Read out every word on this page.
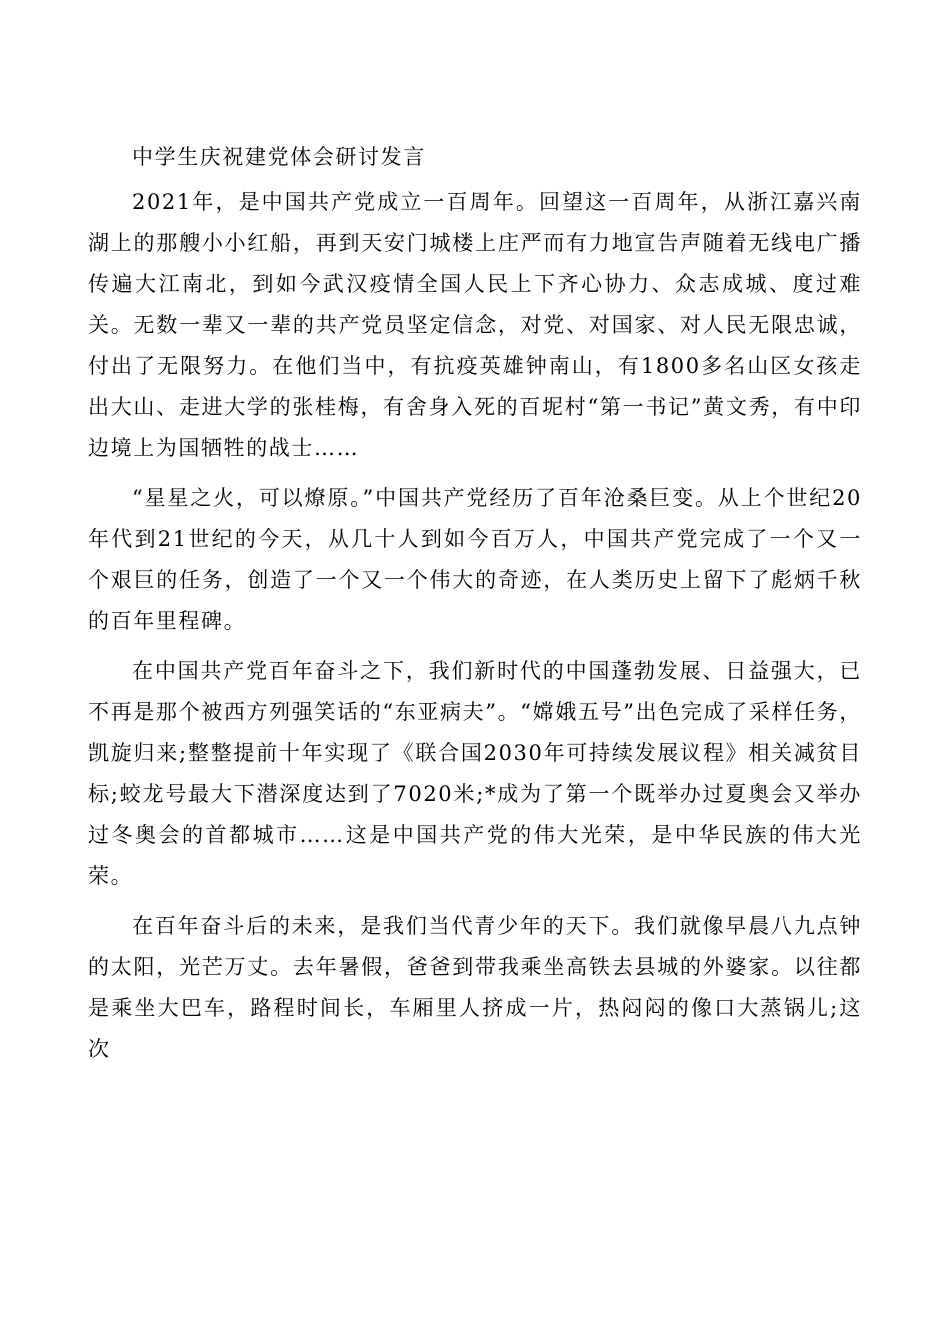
中学生庆祝建党体会研讨发言

2021年，是中国共产党成立一百周年。回望这一百周年，从浙江嘉兴南湖上的那艘小小红船，再到天安门城楼上庄严而有力地宣告声随着无线电广播传遍大江南北，到如今武汉疫情全国人民上下齐心协力、众志成城、度过难关。无数一辈又一辈的共产党员坚定信念，对党、对国家、对人民无限忠诚，付出了无限努力。在他们当中，有抗疫英雄钟南山，有1800多名山区女孩走出大山、走进大学的张桂梅，有舍身入死的百坭村“第一书记”黄文秀，有中印边境上为国牺牲的战士……

“星星之火，可以燎原。”中国共产党经历了百年沧桑巨变。从上个世纪20年代到21世纪的今天，从几十人到如今百万人，中国共产党完成了一个又一个艰巨的任务，创造了一个又一个伟大的奇迹，在人类历史上留下了彪炳千秋的百年里程碑。

在中国共产党百年奋斗之下，我们新时代的中国蓬勃发展、日益强大，已不再是那个被西方列强笑话的“东亚病夫”。“嫦娥五号”出色完成了采样任务，凯旋归来;整整提前十年实现了《联合国2030年可持续发展议程》相关减贫目标;蛟龙号最大下潜深度达到了7020米;*成为了第一个既举办过夏奥会又举办过冬奥会的首都城市……这是中国共产党的伟大光荣，是中华民族的伟大光荣。

在百年奋斗后的未来，是我们当代青少年的天下。我们就像早晨八九点钟的太阳，光芒万丈。去年暑假，爸爸到带我乘坐高铁去县城的外婆家。以往都是乘坐大巴车，路程时间长，车厢里人挤成一片，热闷闷的像口大蒸锅儿;这次
